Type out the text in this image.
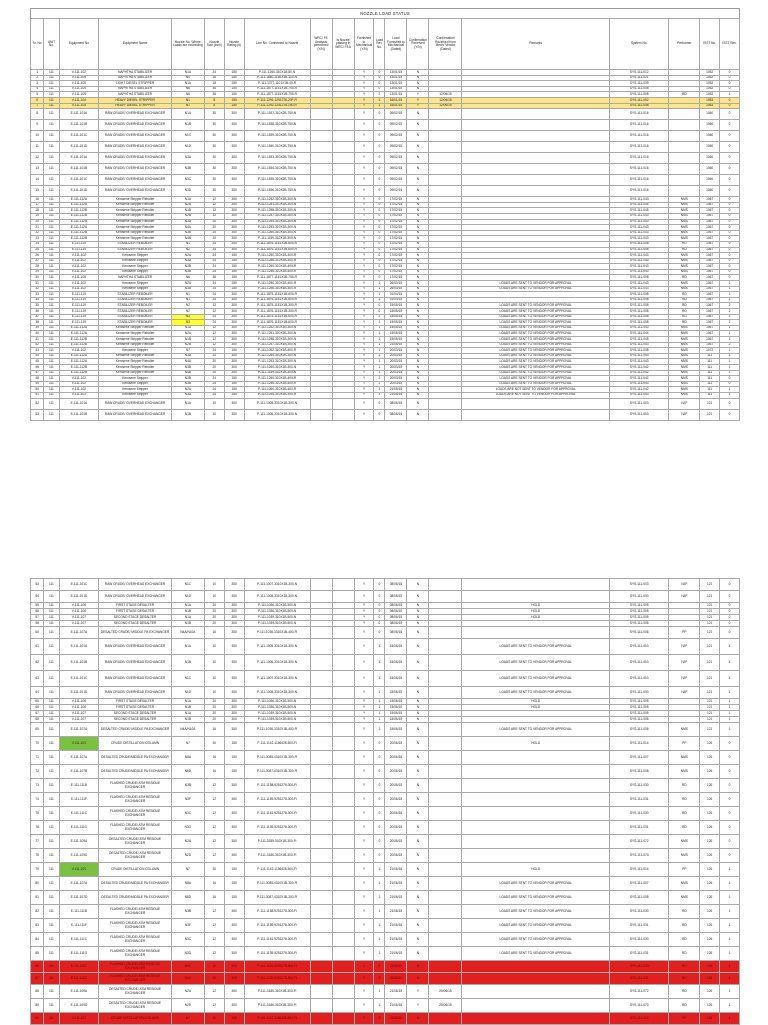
NOZZLE LOAD STATUS
Sr. No	UNIT No.	Equipment No	Equipment Name	Nozzle No. Where Loads are exceeding	Nozzle Size (inch)	Nozzle Rating (#)	Line No. Connected to Nozzle	WRC/ FE Analysis performed (Y/N)	Is Nozzle passing in WRC/ FEA	Furnished to Mechanical (Y/N)	Load Rev. No.	Load Furnished to Mechanical (Dated)	Confirmation Received (Y/N)	Confirmation Received from Mech/ Vendor (Dated)	Remarks	System No.	Performer	ISST No.	ISST Rev.
1	111	V-111-102	NAPHTHA STABILIZER	N1A	24	150	P-111-1260-310X1B-80-N			Y	0	13/01/15	N			SYS-111-012		1052	0
2	111	V-111-105	NAPHTHA STABILIZER	N4	16	150	P-111-1860-1150X1B-100-N			Y	0	13/01/15	N			SYS-111-021		1052	0
3	111	V-111-105	LIGHT DIESEL STRIPPER	N1A	18	150	P-111-1377-1101X1B-40-R			Y	0	13/01/15	N			SYS-111-039		1052	0
4	111	V-111-105	NAPHTHA STABILIZER	N6	36	150	P-111-1877-1151X1B-750-R			Y	0	13/01/15	N			SYS-111-008		1052	0
5	111	V-111-105	NAPHTHA STABILIZER	N6	36	150	P-111-1877-1151X1B-750-R			Y	2	13/01/15	Y	12/06/15		SYS-111-008	RD	1052	1
6	111	V-111-104	HEAVY DIESEL STRIPPER	N1	8	150	P-111-1291-1251278-20F-R			Y	1	16/01/15	Y	12/06/15		SYS-111-002		1053	0
7	111	V-111-104	HEAVY DIESEL STRIPPER	N1	8	150	P-111-1292-1251278-150-R			Y	1	16/01/15	Y	12/06/15		SYS-111-008		1053	0
8	111	E-111-101A	RAW CRUDE/ OVERHEAD EXCHANGER	N1A	30	300	P-111-1537-310X2B-750-N			Y	0	09/02/15	N			SYS-111-016		1060	0
9	111	E-111-101B	RAW CRUDE/ OVERHEAD EXCHANGER	N1B	30	300	P-111-1538-310X2B-750-N			Y	0	09/02/15	N			SYS-111-016		1060	0
10	111	E-111-101C	RAW CRUDE/ OVERHEAD EXCHANGER	N1C	30	300	P-111-1539-310X2B-750-N			Y	0	09/02/15	N			SYS-111-016		1060	0
11	111	E-111-101D	RAW CRUDE/ OVERHEAD EXCHANGER	N1D	30	300	P-111-1540-310X2B-750-N			Y	0	09/02/15	N			SYS-111-016		1060	0
12	111	E-111-101A	RAW CRUDE/ OVERHEAD EXCHANGER	N3A	30	300	P-111-1533-310X2B-750-N			Y	0	09/02/15	N			SYS-111-016		1060	0
13	111	E-111-101B	RAW CRUDE/ OVERHEAD EXCHANGER	N3B	30	300	P-111-1534-310X2B-750-N			Y	0	09/02/15	N			SYS-111-016		1060	0
14	111	E-111-101C	RAW CRUDE/ OVERHEAD EXCHANGER	N3C	30	300	P-111-1535-310X2B-750-N			Y	0	09/02/15	N			SYS-111-016		1060	0
15	111	E-111-101D	RAW CRUDE/ OVERHEAD EXCHANGER	N3D	30	300	P-111-1536-310X2B-750-N			Y	0	09/02/15	N			SYS-111-016		1060	0
16	111	E-111-112A	Kerosene Stripper Reboiler	N1A	12	300	P-111-1252-310X1B-300-N			Y	0	17/02/15	N			SYS-111-043	NMS	1067	0
17	111	E-111-112A	Kerosene Stripper Reboiler	N2A	12	300	P-111-1251-310X1B-300-N			Y	0	17/02/15	N			SYS-111-044	NMS	1067	0
18	111	E-111-112B	Kerosene Stripper Reboiler	N1B	12	300	P-111-1258-310X1B-300-N			Y	0	17/02/15	N			SYS-111-045	NMS	1067	0
19	111	E-111-112B	Kerosene Stripper Reboiler	N2B	12	300	P-111-1257-310X1B-300-N			Y	0	17/02/15	N			SYS-111-043	NMS	1067	0
20	111	E-111-112A	Kerosene Stripper Reboiler	N3A	20	300	P-111-1254-310X1B-300-N			Y	0	17/02/15	N			SYS-111-043	NMS	1067	0
21	111	E-111-112A	Kerosene Stripper Reboiler	N4A	20	300	P-111-1253-310X1B-300-N			Y	0	17/02/15	N			SYS-111-043	NMS	1067	0
22	111	E-111-112B	Kerosene Stripper Reboiler	N3B	20	300	P-111-1260-310X1B-300-N			Y	0	17/02/15	N			SYS-111-043	NMS	1067	0
23	111	E-111-112B	Kerosene Stripper Reboiler	N4B	20	300	P-111-1159-310X1B-300-N			Y	0	17/02/15	N			SYS-111-043	NMS	1067	0
24	111	E-111-119	STABILIZER REBOILER	N1	24	300	P-111-1876-1151X1B-600-R			Y	0	17/02/15	N			SYS-111-008	RD	1067	0
25	111	E-111-119	STABILIZER REBOILER	N2	24	300	P-111-1876-1151X1B-600-R			Y	0	17/02/15	N			SYS-111-008	RD	1067	0
26	111	V-111-102	Kerosene Stripper	N2A	24	150	P-111-1250-310X1B-400-R			Y	0	17/02/15	N			SYS-111-043	NMS	1067	0
27	111	V-111-102	Kerosene Stripper	N3A	24	150	P-111-1256-310X1B-400-R			Y	0	17/02/15	N			SYS-111-043	NMS	1067	0
28	111	V-111-102	Kerosene Stripper	N2B	24	150	P-111-1260-310X1B-400-R			Y	0	17/02/15	N			SYS-111-043	NMS	1067	0
29	111	V-111-102	Kerosene Stripper	N3B	24	150	P-111-1255-310X1B-400-R			Y	0	17/02/15	N			SYS-111-043	NMS	1067	0
30	111	V-111-105	NAPHTHA STABILIZER	N6	36	150	P-111-1877-1151X1B-750-R			Y	0	17/02/15	N			SYS-111-008	RD	1067	0
31	111	V-111-102	Kerosene Stripper	N2A	24	150	P-111-1250-310X1B-400-R			Y	1	26/03/15	N		LOADS ARE SENT TO VENDOR FOR APPROVAL	SYS-111-043	NMS	1067	1
32	111	V-111-102	Kerosene Stripper	N3A	24	150	P-111-1256-310X1B-400-R			Y	1	26/03/15	N		LOADS ARE SENT TO VENDOR FOR APPROVAL	SYS-111-043	NMS	1067	1
33	111	E-111-119	STABILIZER REBOILER	N1	24	300	P-111-1875-1151X1B-600-R			Y	1	01/04/15	N			SYS-111-008	RD	1067	1
34	111	E-111-119	STABILIZER REBOILER	N1	24	300	P-111-1876-1151X1B-600-R			Y	1	01/04/15	N			SYS-111-008	RD	1067	1
35	111	E-111-119	STABILIZER REBOILER	N2	12	300	P-111-1875-1151X1B-300-R			Y	0	15/05/15	N		LOADS ARE SENT TO VENDOR FOR APPROVAL	SYS-111-008	RD	1067	2
36	111	E-111-119	STABILIZER REBOILER	N2	12	300	P-111-1876-1151X1B-300-R			Y	0	15/05/15	N		LOADS ARE SENT TO VENDOR FOR APPROVAL	SYS-111-008	RD	1067	2
37	111	E-111-119	STABILIZER REBOILER	N3	24	300	P-111-1875-1151X1B-600-R			Y	2	15/05/15	N		LOADS ARE SENT TO VENDOR FOR APPROVAL	SYS-111-008	RD	1067	2
38	111	E-111-119	STABILIZER REBOILER	N3	24	300	P-111-1876-1151X1B-600-R			Y	2	15/05/15	N		LOADS ARE SENT TO VENDOR FOR APPROVAL	SYS-111-008	RD	1067	2
39	111	E-111-112A	Kerosene Stripper Reboiler	N1A	12	300	P-111-1252-310X1B-300-N			Y	1	15/05/15	N		LOADS ARE SENT TO VENDOR FOR APPROVAL	SYS-111-043	NMS	1067	1
40	111	E-111-112A	Kerosene Stripper Reboiler	N2A	12	300	P-111-1251-310X1B-300-N			Y	1	15/05/15	N		LOADS ARE SENT TO VENDOR FOR APPROVAL	SYS-111-044	NMS	1067	1
41	111	E-111-112B	Kerosene Stripper Reboiler	N1B	12	300	P-111-1258-310X1B-300-N			Y	1	15/05/15	N		LOADS ARE SENT TO VENDOR FOR APPROVAL	SYS-111-045	NMS	1067	1
42	111	E-111-112B	Kerosene Stripper Reboiler	N2B	12	300	P-111-1257-310X1B-300-N			Y	1	21/05/15	N		LOADS ARE SENT TO VENDOR FOR APPROVAL	SYS-111-043	NMS	1067	2
43	111	V-111-102	Kerosene Stripper	N7	24	150	P-111-1262-310X1B-400-R			Y	1	20/03/15	N		LOADS ARE SENT TO VENDOR FOR APPROVAL	SYS-111-038	NMS	1072	1
44	111	E-111-112A	Kerosene Stripper Reboiler	N3A	20	300	P-111-1254-310X1B-300-N			Y	1	20/03/15	N		LOADS ARE SENT TO VENDOR FOR APPROVAL	SYS-111-043	NMS	111	1
45	111	E-111-112A	Kerosene Stripper Reboiler	N4A	20	300	P-111-1253-310X1B-300-N			Y	1	20/03/15	N		LOADS ARE SENT TO VENDOR FOR APPROVAL	SYS-111-043	NMS	111	1
46	111	E-111-112B	Kerosene Stripper Reboiler	N3B	20	300	P-111-1260-310X1B-300-N			Y	1	20/03/15	N		LOADS ARE SENT TO VENDOR FOR APPROVAL	SYS-111-042	NMS	111	1
47	111	E-111-112B	Kerosene Stripper Reboiler	N4B	20	300	P-111-1159-310X1B-300-N			Y	1	20/03/15	N		LOADS ARE SENT TO VENDOR FOR APPROVAL	SYS-111-042	NMS	111	1
48	111	V-111-102	Kerosene Stripper	N2B	24	150	P-111-1260-310X1B-400-R			Y	2	20/03/15	N		LOADS ARE SENT TO VENDOR FOR APPROVAL	SYS-111-042	NMS	111	0
49	111	V-111-102	Kerosene Stripper	N3B	24	150	P-111-1255-310X1B-400-R			Y	2	20/03/15	N		LOADS ARE SENT TO VENDOR FOR APPROVAL	SYS-111-043	NMS	111	0
50	111	V-111-102	Kerosene Stripper	N2A	24	150	P-111-1260-310X1B-400-R			Y	3	21/05/15	N		LOADS ARE NOT SENT TO VENDOR FOR APPROVAL	SYS-111-042	NMS	111	1
51	111	V-111-102	Kerosene Stripper	N3A	24	150	P-111-1255-310X1B-400-R			Y	3	21/05/15	N		LOADS ARE NOT SENT TO VENDOR FOR APPROVAL	SYS-111-043	NMS	111	1
52	111	E-111-101A	RAW CRUDE/ OVERHEAD EXCHANGER	N1A	10	300	P-111-1005-3310X1B-300-N			Y	0	08/06/15	N			SYS-111-003	NJP	121	0
53	111	E-111-101B	RAW CRUDE/ OVERHEAD EXCHANGER	N1B	10	300	P-111-1006-3310X1B-300-N			Y	0	08/06/15	N			SYS-111-003	NJP	121	0
53	111	E-111-101C	RAW CRUDE/ OVERHEAD EXCHANGER	N1C	10	300	P-111-1007-3310X1B-300-N			Y	0	08/06/15	N			SYS-111-003	NJP	121	0
54	111	E-111-101D	RAW CRUDE/ OVERHEAD EXCHANGER	N1D	10	300	P-111-1008-3310X1B-300-N			Y	0	08/06/15	N			SYS-111-003	NJP	121	0
55	111	V-111-106	FIRST STAGE DESALTER	N1A	20	300	P-111-1036-310X1B-500-N			Y	0	08/06/15	N		HOLD	SYS-111-005		121	0
56	111	V-111-106	FIRST STAGE DESALTER	N1B	20	300	P-111-1036-310X1B-500-N			Y	0	08/06/15	N		HOLD	SYS-111-005		121	0
57	111	V-111-107	SECOND STAGE DESALTER	N1A	20	300	P-111-1039-310X1B-500-N			Y	0	08/06/15	N		HOLD	SYS-111-005		121	0
58	111	V-111-107	SECOND STAGE DESALTER	N1B	20	300	P-111-1039-310X1B-500-N			Y	0	08/06/15	N			SYS-111-005		121	0
60	111	E-111-107A	DESALTED CRUDE/ MIDDLE PA EXCHANGER	N4A/N10A	16	300	P-111-1036-3310X1B-400-Fi			Y	0	08/06/15	N			SYS-111-006	PP	121	0
61	111	E-111-101A	RAW CRUDE/ OVERHEAD EXCHANGER	N1A	10	300	P-111-1005-3310X1B-300-N			Y	1	15/06/15	N		LOADS ARE SENT TO VENDOR FOR APPROVAL	SYS-111-003	NJP	121	1
62	111	E-111-101B	RAW CRUDE/ OVERHEAD EXCHANGER	N1B	10	300	P-111-1006-3310X1B-300-N			Y	1	15/06/15	N		LOADS ARE SENT TO VENDOR FOR APPROVAL	SYS-111-003	NJP	121	1
63	111	E-111-101C	RAW CRUDE/ OVERHEAD EXCHANGER	N1C	10	300	P-111-1007-3310X1B-300-N			Y	1	15/06/15	N		LOADS ARE SENT TO VENDOR FOR APPROVAL	SYS-111-003	NJP	121	1
64	111	E-111-101D	RAW CRUDE/ OVERHEAD EXCHANGER	N1D	10	300	P-111-1008-3310X1B-300-N			Y	1	15/06/15	N		LOADS ARE SENT TO VENDOR FOR APPROVAL	SYS-111-003	NJP	121	1
65	111	V-111-106	FIRST STAGE DESALTER	N1A	20	300	P-111-1036-310X1B-500-N			Y	1	15/06/15	N		HOLD	SYS-111-005		121	1
66	111	V-111-106	FIRST STAGE DESALTER	N1B	20	300	P-111-1036-310X1B-500-N			Y	1	15/06/15	N		HOLD	SYS-111-005		121	1
67	111	V-111-107	SECOND STAGE DESALTER	N1A	20	300	P-111-1039-310X1B-500-N			Y	1	15/06/15	N			SYS-111-005		121	1
68	111	V-111-107	SECOND STAGE DESALTER	N1B	20	300	P-111-1039-310X1B-500-N			Y	1	15/06/15	N			SYS-111-005		121	1
69	111	E-111-107A	DESALTED CRUDE/ MIDDLE PA EXCHANGER	N4A/N10A	16	300	P-111-1036-3310X1B-400-Fi			Y	1	15/06/15	N		LOADS ARE SENT TO VENDOR FOR APPROVAL	SYS-111-006	NMS	121	1
70	111	V-111-101	CRUDE DISTILLATION COLUMN	N7	30	150	P-111-1142-1156428-500-Fi			Y	0	20/06/15	N		HOLD	SYS-111-014	PP	126	0
71	111	E-111-107A	DESALTED CRUDE/MIDDLE PA EXCHANGER	N8A	16	150	P-111-3085-4310X1B-300-Fi			Y	0	20/06/15	N			SYS-111-007	NMS	126	0
72	111	E-111-107B	DESALTED CRUDE/MIDDLE PA EXCHANGER	N8D	16	150	P-111-3087-4310X1B-300-Fi			Y	0	20/06/15	N			SYS-111-008	NMS	126	0
73	111	E-111-111B	FLASHED CRUDE/ ATM RESIDUE EXCHANGER	N3B	12	300	P-111-1158-9251278-300-Fi			Y	0	20/06/15	N			SYS-111-030	RD	126	0
74	111	E-111-111F	FLASHED CRUDE/ ATM RESIDUE EXCHANGER	N3F	12	300	P-111-1159-9251278-300-Fi			Y	0	20/06/15	N			SYS-111-031	RD	126	0
75	111	E-111-111C	FLASHED CRUDE/ ATM RESIDUE EXCHANGER	N3C	12	300	P-111-1161-9251278-300-Fi			Y	0	20/06/15	N			SYS-111-030	RD	126	0
76	111	E-111-111G	FLASHED CRUDE/ ATM RESIDUE EXCHANGER	N3G	12	300	P-111-1139-9251278-300-Fi			Y	0	20/06/15	N			SYS-111-031	RD	126	0
77	111	E-111-109A	DESALTED CRUDE/ ATM RESIDUE EXCHANGER	N2A	12	300	P-111-3185-310X1B-300-Fi			Y	0	20/06/15	N			SYS-111-072	NMS	126	0
78	111	E-111-109D	DESALTED CRUDE/ ATM RESIDUE EXCHANGER	N2D	12	300	P-111-3186-310X1B-300-Fi			Y	0	20/06/15	N			SYS-111-073	NMS	126	0
79	111	V-111-101	CRUDE DISTILLATION COLUMN	N7	30	150	P-111-1142-1156428-500-Fi			Y	1	21/06/15	N		HOLD	SYS-111-014	PP	126	1
80	111	E-111-107A	DESALTED CRUDE/MIDDLE PA EXCHANGER	N8A	16	150	P-111-3085-4310X1B-300-Fi			Y	1	21/06/15	N		LOADS ARE SENT TO VENDOR FOR APPROVAL	SYS-111-007	NMS	126	1
81	111	E-111-107D	DESALTED CRUDE/MIDDLE PA EXCHANGER	N8D	16	150	P-111-3087-4310X1B-300-Fi			Y	1	21/06/15	N		LOADS ARE SENT TO VENDOR FOR APPROVAL	SYS-111-008	NMS	126	1
82	111	E-111-111B	FLASHED CRUDE/ ATM RESIDUE EXCHANGER	N3B	12	300	P-111-1158-9251278-300-Fi			Y	1	21/06/15	N		LOADS ARE SENT TO VENDOR FOR APPROVAL	SYS-111-030	RD	126	1
83	111	E-111-111F	FLASHED CRUDE/ ATM RESIDUE EXCHANGER	N3F	12	300	P-111-1159-9251278-300-Fi			Y	1	21/06/15	N		LOADS ARE SENT TO VENDOR FOR APPROVAL	SYS-111-031	RD	126	1
84	111	E-111-111C	FLASHED CRUDE/ ATM RESIDUE EXCHANGER	N3C	12	300	P-111-1161-9251278-300-Fi			Y	1	21/06/15	N		LOADS ARE SENT TO VENDOR FOR APPROVAL	SYS-111-030	RD	126	1
85	111	E-111-111G	FLASHED CRUDE/ ATM RESIDUE EXCHANGER	N3G	12	300	P-111-1139-9251278-300-Fi			Y	1	21/06/15	N		LOADS ARE SENT TO VENDOR FOR APPROVAL	SYS-111-031	RD	126	1
86	111	E-111-111C	FLASHED CRUDE/ ATM RESIDUE EXCHANGER	N3C	12	300	P-111-1161-9251278-300-Fi			Y	2	22/06/15	N			SYS-111-030	RD	126	1
87	111	E-111-111G	FLASHED CRUDE/ ATM RESIDUE EXCHANGER	N3G	12	300	P-111-1139-9251278-300-Fi			Y	2	22/06/15	N			SYS-111-031	RD	126	1
88	111	E-111-109A	DESALTED CRUDE/ ATM RESIDUE EXCHANGER	N2A	12	300	P-111-3185-310X1B-300-Fi			Y	1	21/06/15	Y	20/06/15		SYS-111-072	RD	126	1
89	111	E-111-109D	DESALTED CRUDE/ ATM RESIDUE EXCHANGER	N2D	12	300	P-111-3186-310X1B-300-Fi			Y	1	21/06/15	Y	20/06/15		SYS-111-073	RD	126	1
90	111	V-111-101	CRUDE DISTILLATION COLUMN	N7	30	150	P-111-1142-1156428-500-Fi			Y	2	22/06/15	N			SYS-111-014	PP	126	1
